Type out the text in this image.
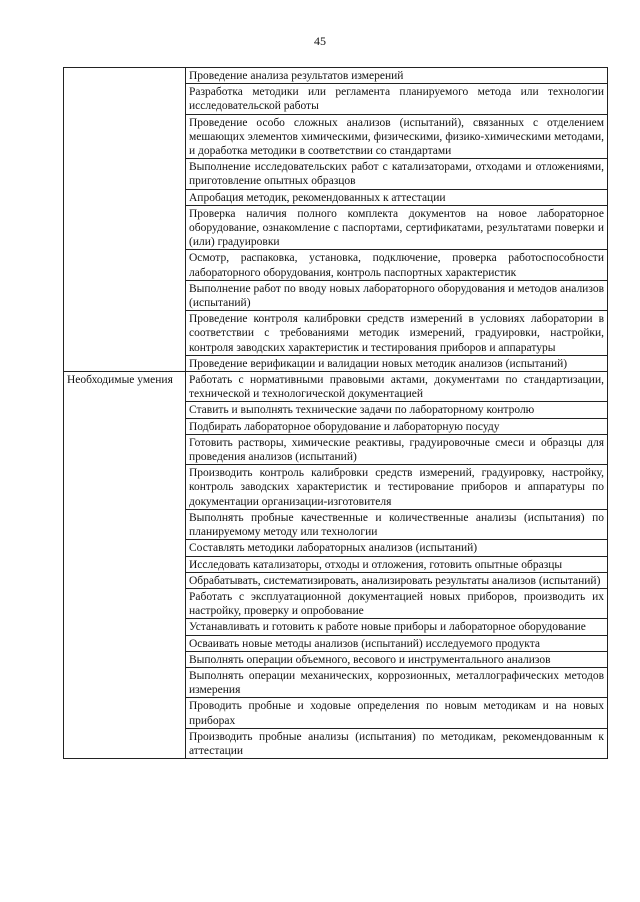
45
	Проведение анализа результатов измерений
	Разработка методики или регламента планируемого метода или технологии исследовательской работы
	Проведение особо сложных анализов (испытаний), связанных с отделением мешающих элементов химическими, физическими, физико-химическими методами, и доработка методики в соответствии со стандартами
	Выполнение исследовательских работ с катализаторами, отходами и отложениями, приготовление опытных образцов
	Апробация методик, рекомендованных к аттестации
	Проверка наличия полного комплекта документов на новое лабораторное оборудование, ознакомление с паспортами, сертификатами, результатами поверки и (или) градуировки
	Осмотр, распаковка, установка, подключение, проверка работоспособности лабораторного оборудования, контроль паспортных характеристик
	Выполнение работ по вводу новых лабораторного оборудования и методов анализов (испытаний)
	Проведение контроля калибровки средств измерений в условиях лаборатории в соответствии с требованиями методик измерений, градуировки, настройки, контроля заводских характеристик и тестирования приборов и аппаратуры
	Проведение верификации и валидации новых методик анализов (испытаний)
Необходимые умения	Работать с нормативными правовыми актами, документами по стандартизации, технической и технологической документацией
	Ставить и выполнять технические задачи по лабораторному контролю
	Подбирать лабораторное оборудование и лабораторную посуду
	Готовить растворы, химические реактивы, градуировочные смеси и образцы для проведения анализов (испытаний)
	Производить контроль калибровки средств измерений, градуировку, настройку, контроль заводских характеристик и тестирование приборов и аппаратуры по документации организации-изготовителя
	Выполнять пробные качественные и количественные анализы (испытания) по планируемому методу или технологии
	Составлять методики лабораторных анализов (испытаний)
	Исследовать катализаторы, отходы и отложения, готовить опытные образцы
	Обрабатывать, систематизировать, анализировать результаты анализов (испытаний)
	Работать с эксплуатационной документацией новых приборов, производить их настройку, проверку и опробование
	Устанавливать и готовить к работе новые приборы и лабораторное оборудование
	Осваивать новые методы анализов (испытаний) исследуемого продукта
	Выполнять операции объемного, весового и инструментального анализов
	Выполнять операции механических, коррозионных, металлографических методов измерения
	Проводить пробные и ходовые определения по новым методикам и на новых приборах
	Производить пробные анализы (испытания) по методикам, рекомендованным к аттестации
